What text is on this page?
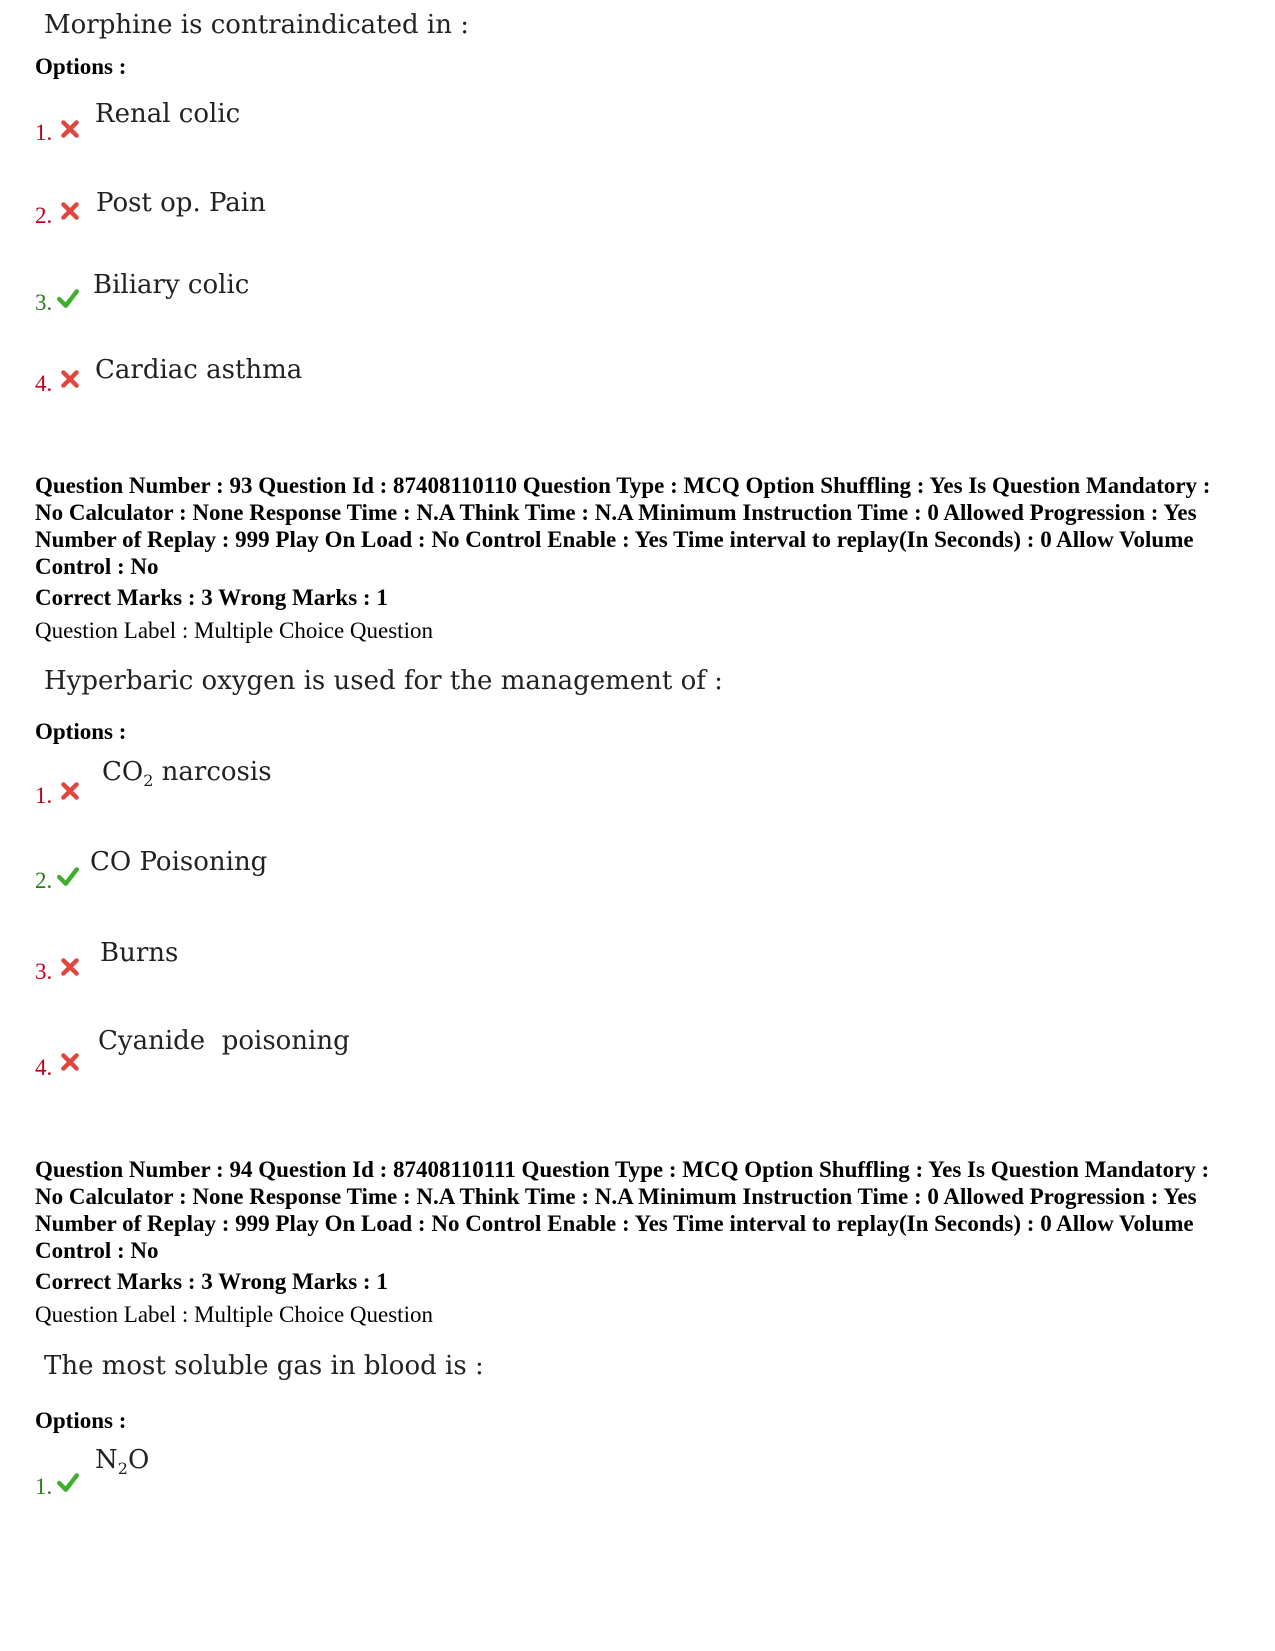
Morphine is contraindicated in :
Options :
1.
Renal colic
2. Post op. Pain
3.
Biliary colic
4. Cardiac asthma
Question Number : 93 Question Id : 87408110110 Question Type : MCQ Option Shuffling : Yes Is Question Mandatory : No Calculator : None Response Time : N.A Think Time : N.A Minimum Instruction Time : 0 Allowed Progression : Yes Number of Replay : 999 Play On Load : No Control Enable : Yes Time interval to replay(In Seconds) : 0 Allow Volume Control : No
Correct Marks : 3 Wrong Marks : 1
Question Label : Multiple Choice Question
Hyperbaric oxygen is used for the management of :
Options :
1.
$CO_2$ narcosis
2.
CO Poisoning
3.
Burns
4.
Cyanide  poisoning
Question Number : 94 Question Id : 87408110111 Question Type : MCQ Option Shuffling : Yes Is Question Mandatory : No Calculator : None Response Time : N.A Think Time : N.A Minimum Instruction Time : 0 Allowed Progression : Yes Number of Replay : 999 Play On Load : No Control Enable : Yes Time interval to replay(In Seconds) : 0 Allow Volume Control : No
Correct Marks : 3 Wrong Marks : 1
Question Label : Multiple Choice Question
The most soluble gas in blood is :
Options :
1.
$N_2O$
